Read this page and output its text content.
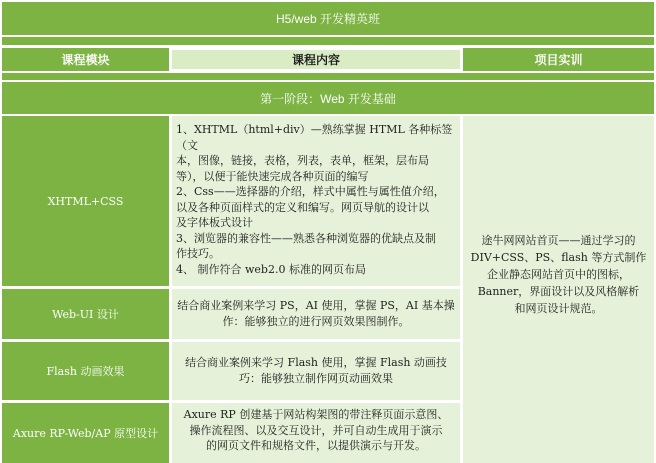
H5/web 开发精英班
课程模块	课程内容	项目实训
第一阶段：Web 开发基础
XHTML+CSS
1、XHTML（html+div）—熟练掌握 HTML 各种标签（文
本，图像，链接，表格，列表，表单，框架，层布局
等），以便于能快速完成各种页面的编写
2、Css——选择器的介绍，样式中属性与属性值介绍，
以及各种页面样式的定义和编写。网页导航的设计以
及字体板式设计
3、浏览器的兼容性——熟悉各种浏览器的优缺点及制
作技巧。
4、 制作符合 web2.0 标准的网页布局
Web-UI 设计
结合商业案例来学习 PS，AI 使用，掌握 PS，AI 基本操
作：能够独立的进行网页效果图制作。
Flash 动画效果
结合商业案例来学习 Flash 使用，掌握 Flash 动画技
巧：能够独立制作网页动画效果
Axure RP-Web/AP 原型设计
Axure RP 创建基于网站构架图的带注释页面示意图、
操作流程图、以及交互设计，并可自动生成用于演示
的网页文件和规格文件，以提供演示与开发。
途牛网网站首页——通过学习的
DIV+CSS、PS、flash 等方式制作
企业静态网站首页中的图标，
Banner，界面设计以及风格解析
和网页设计规范。
